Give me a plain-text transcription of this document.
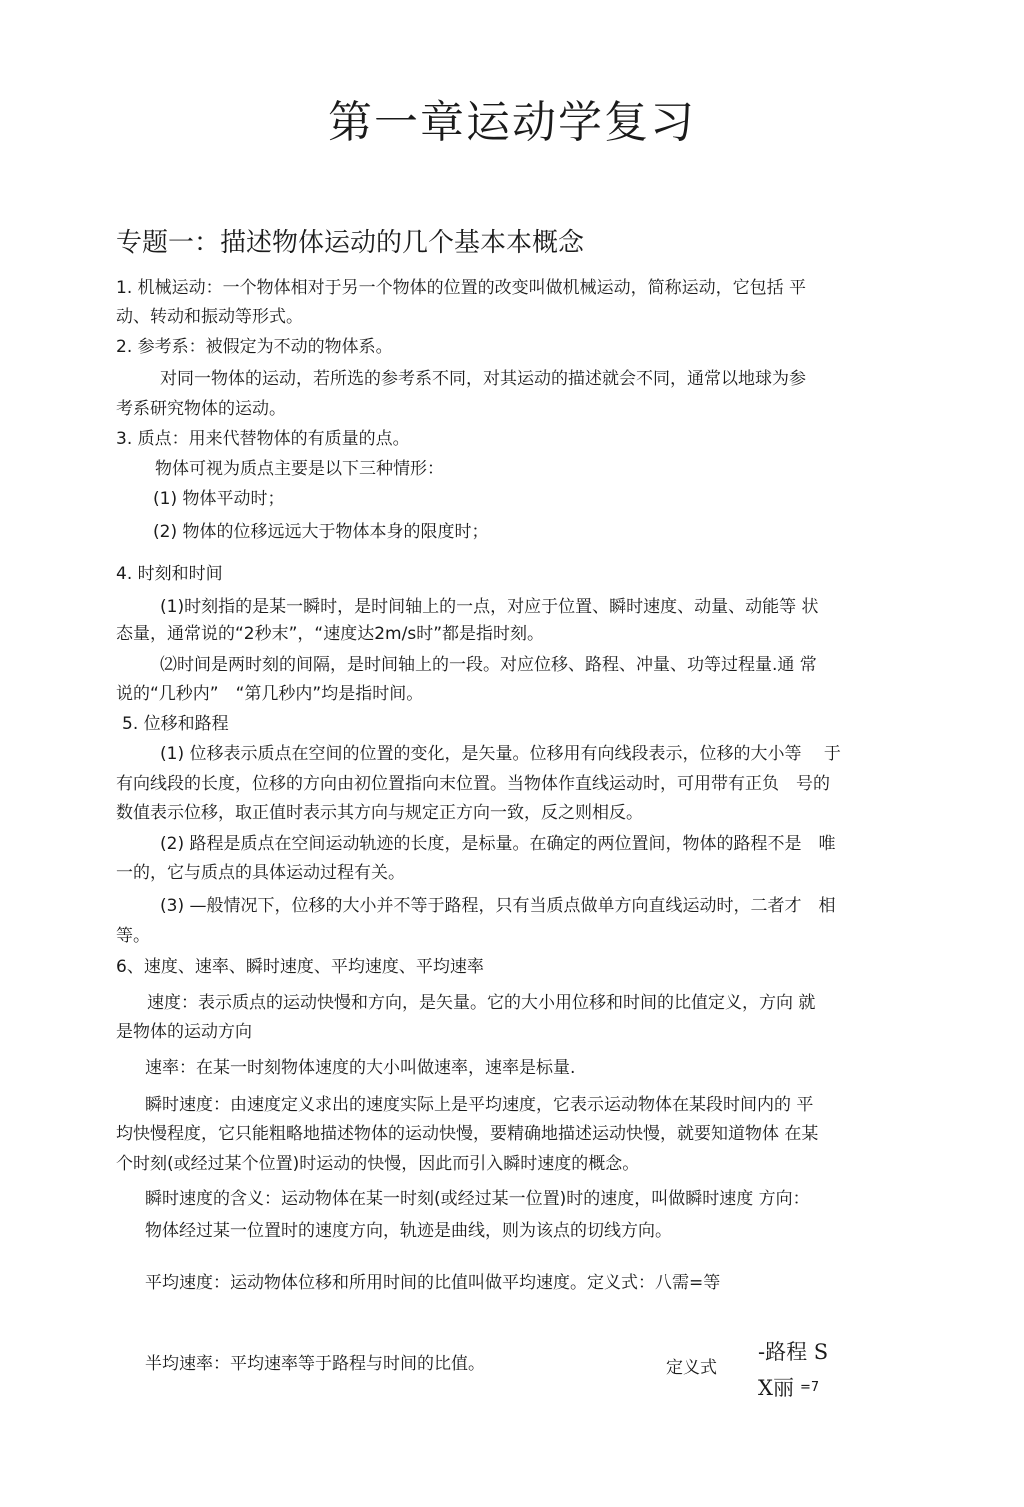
第一章运动学复习
专题一：描述物体运动的几个基本本概念
1. 机械运动：一个物体相对于另一个物体的位置的改变叫做机械运动，简称运动，它包括 平
动、转动和振动等形式。
2. 参考系：被假定为不动的物体系。
对同一物体的运动，若所选的参考系不同，对其运动的描述就会不同，通常以地球为参
考系研究物体的运动。
3. 质点：用来代替物体的有质量的点。
物体可视为质点主要是以下三种情形：
(1) 物体平动时；
(2) 物体的位移远远大于物体本身的限度时；
4. 时刻和时间
(1)时刻指的是某一瞬时，是时间轴上的一点，对应于位置、瞬时速度、动量、动能等 状
态量，通常说的“2秒末”，“速度达2m/s时”都是指时刻。
⑵时间是两时刻的间隔，是时间轴上的一段。对应位移、路程、冲量、功等过程量.通 常
说的“几秒内”　“第几秒内”均是指时间。
5. 位移和路程
(1) 位移表示质点在空间的位置的变化，是矢量。位移用有向线段表示，位移的大小等　 于
有向线段的长度，位移的方向由初位置指向末位置。当物体作直线运动时，可用带有正负　号的
数值表示位移，取正值时表示其方向与规定正方向一致，反之则相反。
(2) 路程是质点在空间运动轨迹的长度，是标量。在确定的两位置间，物体的路程不是　唯
一的，它与质点的具体运动过程有关。
(3) —般情况下，位移的大小并不等于路程，只有当质点做单方向直线运动时，二者才　相
等。
6、速度、速率、瞬时速度、平均速度、平均速率
速度：表示质点的运动快慢和方向，是矢量。它的大小用位移和时间的比值定义，方向 就
是物体的运动方向
速率：在某一时刻物体速度的大小叫做速率，速率是标量.
瞬时速度：由速度定义求出的速度实际上是平均速度，它表示运动物体在某段时间内的 平
均快慢程度，它只能粗略地描述物体的运动快慢，要精确地描述运动快慢，就要知道物体 在某
个时刻(或经过某个位置)时运动的快慢，因此而引入瞬时速度的概念。
瞬时速度的含义：运动物体在某一时刻(或经过某一位置)时的速度，叫做瞬时速度 方向：
物体经过某一位置时的速度方向，轨迹是曲线，则为该点的切线方向。
平均速度：运动物体位移和所用时间的比值叫做平均速度。定义式：八需=等
半均速率：平均速率等于路程与时间的比值。	定义式
-路程 S
X丽 =7
